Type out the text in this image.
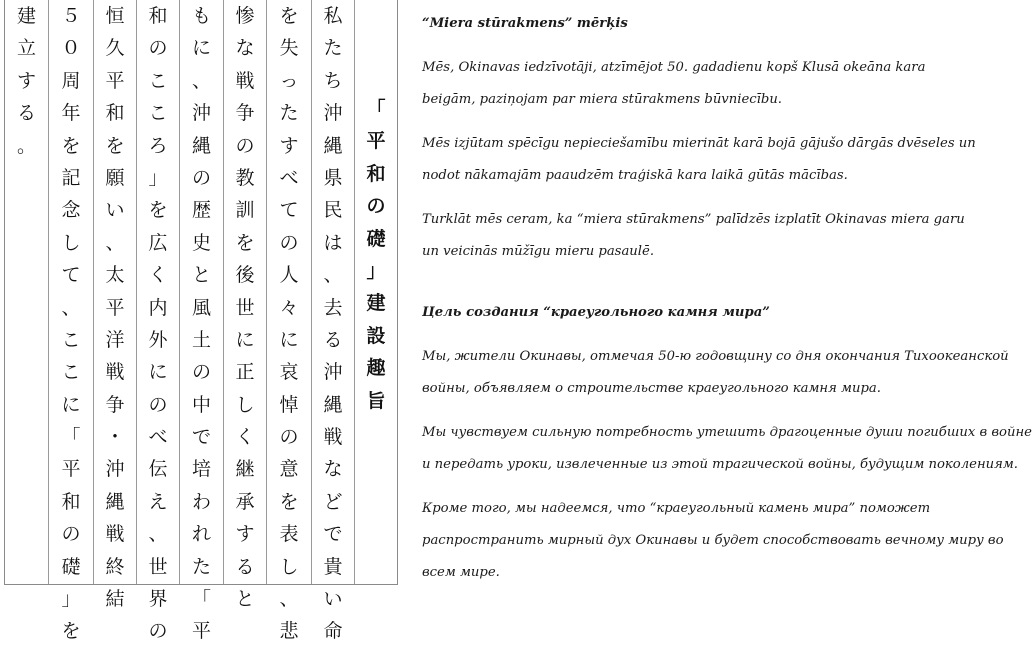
建
立
す
る
。
５
０
周
年
を
記
念
し
て
、
こ
こ
に
「
平
和
の
礎
」
を
恒
久
平
和
を
願
い
、
太
平
洋
戦
争
・
沖
縄
戦
終
結
和
の
こ
こ
ろ
」
を
広
く
内
外
に
の
べ
伝
え
、
世
界
の
も
に
、
沖
縄
の
歴
史
と
風
土
の
中
で
培
わ
れ
た
「
平
惨
な
戦
争
の
教
訓
を
後
世
に
正
し
く
継
承
す
る
と
を
失
っ
た
す
べ
て
の
人
々
に
哀
悼
の
意
を
表
し
、
悲
私
た
ち
沖
縄
県
民
は
、
去
る
沖
縄
戦
な
ど
で
貴
い
命
「
平
和
の
礎
」
建
設
趣
旨
“Miera stūrakmens” mērķis
Mēs, Okinavas iedzīvotāji, atzīmējot 50. gadadienu kopš Klusā okeāna kara
beigām, paziņojam par miera stūrakmens būvniecību.
Mēs izjūtam spēcīgu nepieciešamību mierināt karā bojā gājušo dārgās dvēseles un
nodot nākamajām paaudzēm traģiskā kara laikā gūtās mācības.
Turklāt mēs ceram, ka “miera stūrakmens” palīdzēs izplatīt Okinavas miera garu
un veicinās mūžīgu mieru pasaulē.
Цель создания “краеугольного камня мира”
Мы, жители Окинавы, отмечая 50-ю годовщину со дня окончания Тихоокеанской
войны, объявляем о строительстве краеугольного камня мира.
Мы чувствуем сильную потребность утешить драгоценные души погибших в войне
и передать уроки, извлеченные из этой трагической войны, будущим поколениям.
Кроме того, мы надеемся, что “краеугольный камень мира” поможет
распространить мирный дух Окинавы и будет способствовать вечному миру во
всем мире.
